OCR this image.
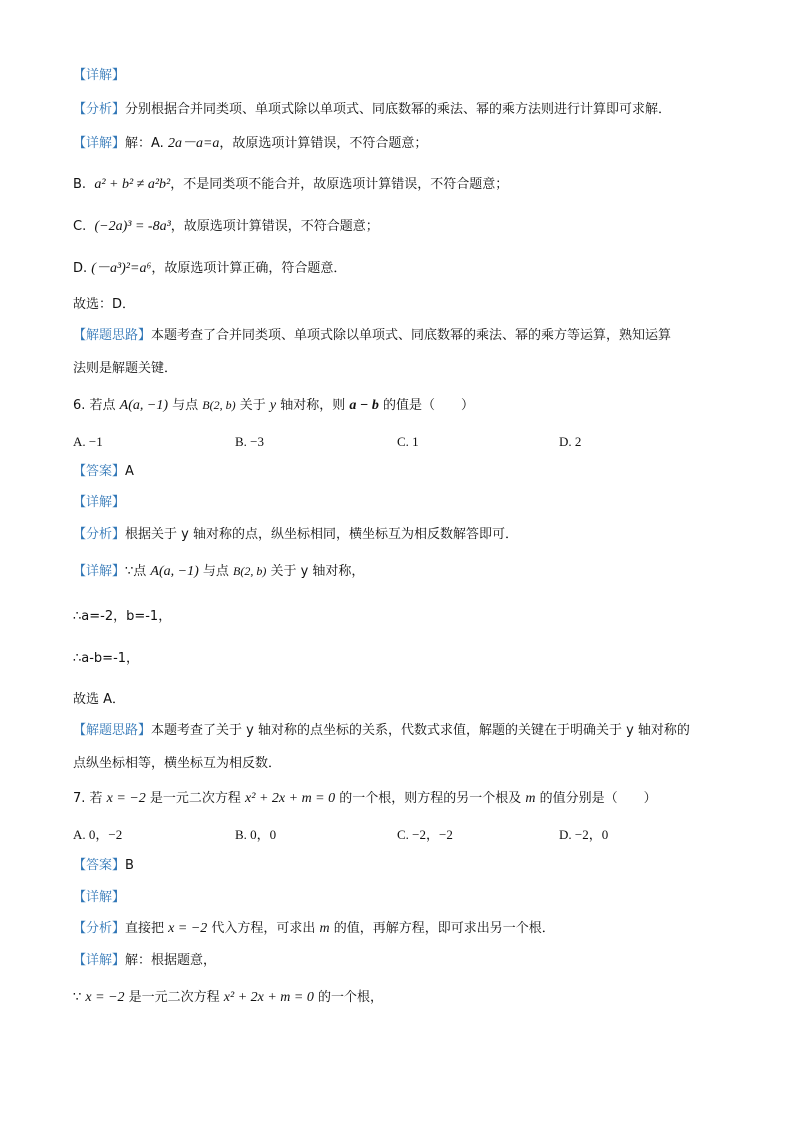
【详解】
【分析】分别根据合并同类项、单项式除以单项式、同底数幂的乘法、幂的乘方法则进行计算即可求解．
【详解】解：A. 2a－a=a，故原选项计算错误，不符合题意；
B.  a² + b² ≠ a²b²，不是同类项不能合并，故原选项计算错误，不符合题意；
C.  (−2a)³ = -8a³，故原选项计算错误，不符合题意；
D. (－a³)²=a⁶，故原选项计算正确，符合题意．
故选：D．
【解题思路】本题考查了合并同类项、单项式除以单项式、同底数幂的乘法、幂的乘方等运算，熟知运算
法则是解题关键．
6. 若点 A(a, −1) 与点 B(2, b) 关于 y 轴对称，则 a − b 的值是（　　）
A. −1	B. −3	C. 1	D. 2
【答案】A
【详解】
【分析】根据关于 y 轴对称的点，纵坐标相同，横坐标互为相反数解答即可．
【详解】∵点 A(a, −1) 与点 B(2, b) 关于 y 轴对称，
∴a=-2，b=-1，
∴a-b=-1，
故选 A．
【解题思路】本题考查了关于 y 轴对称的点坐标的关系，代数式求值，解题的关键在于明确关于 y 轴对称的
点纵坐标相等，横坐标互为相反数．
7. 若 x = −2 是一元二次方程 x² + 2x + m = 0 的一个根，则方程的另一个根及 m 的值分别是（　　）
A. 0，−2	B. 0，0	C. −2，−2	D. −2，0
【答案】B
【详解】
【分析】直接把 x = −2 代入方程，可求出 m 的值，再解方程，即可求出另一个根．
【详解】解：根据题意，
∵ x = −2 是一元二次方程 x² + 2x + m = 0 的一个根，
